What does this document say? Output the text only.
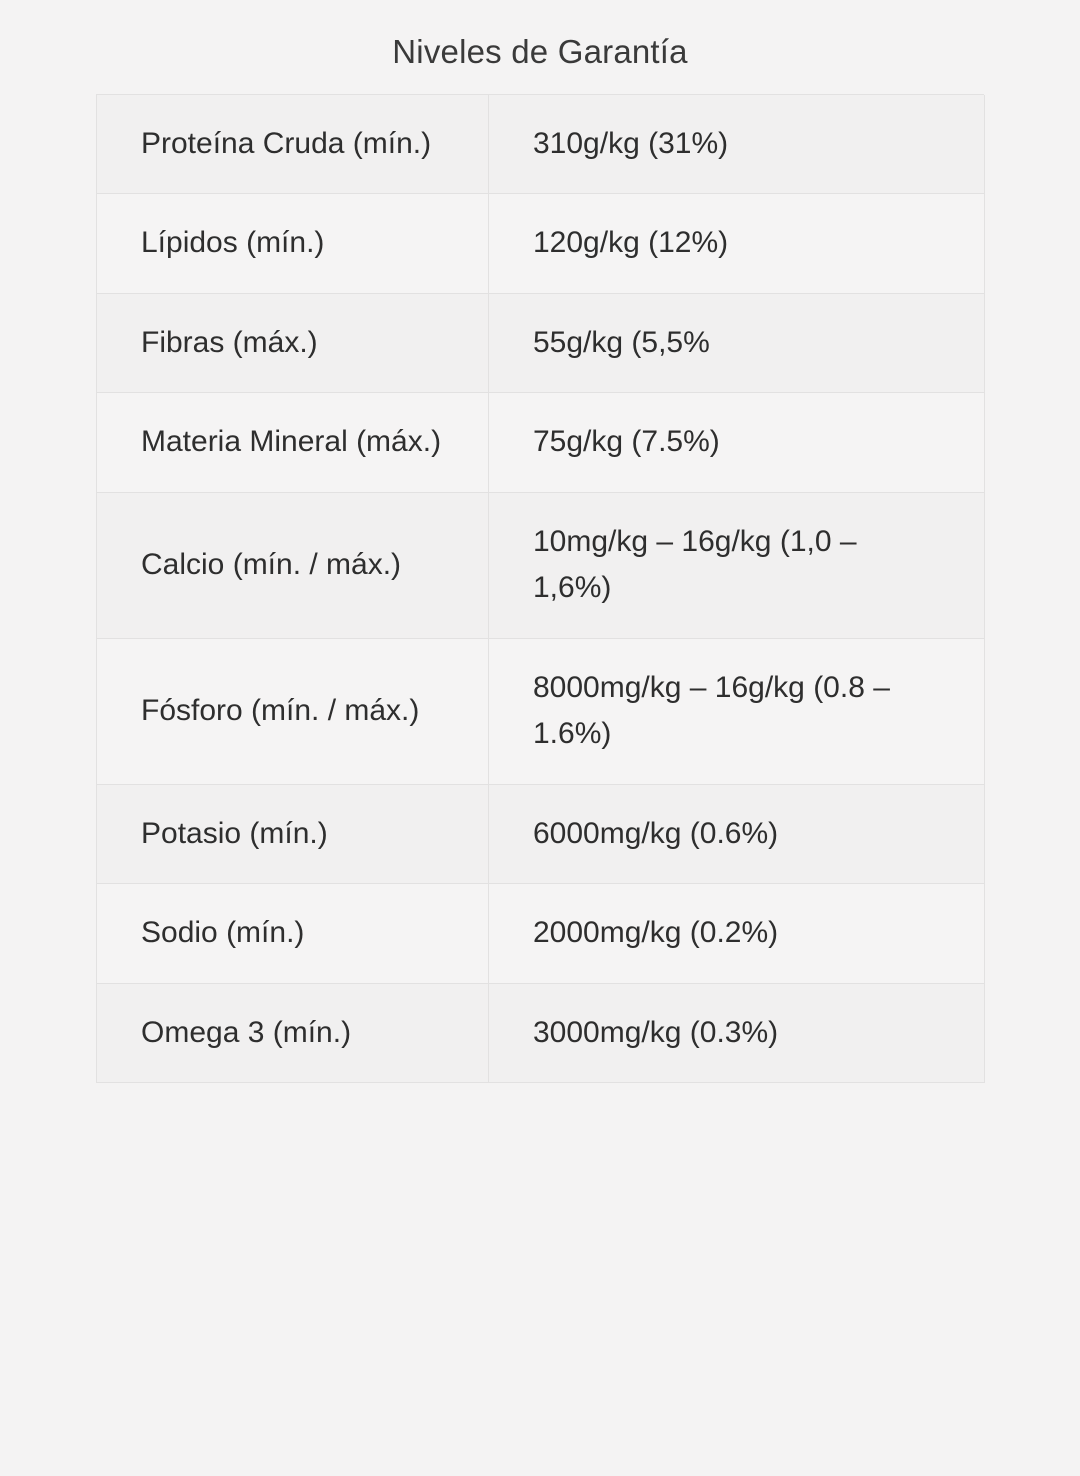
Niveles de Garantía
Proteína Cruda (mín.)	310g/kg (31%)
Lípidos (mín.)	120g/kg (12%)
Fibras (máx.)	55g/kg (5,5%
Materia Mineral (máx.)	75g/kg (7.5%)
Calcio (mín. / máx.)	10mg/kg – 16g/kg (1,0 – 1,6%)
Fósforo (mín. / máx.)	8000mg/kg – 16g/kg (0.8 – 1.6%)
Potasio (mín.)	6000mg/kg (0.6%)
Sodio (mín.)	2000mg/kg (0.2%)
Omega 3 (mín.)	3000mg/kg (0.3%)
